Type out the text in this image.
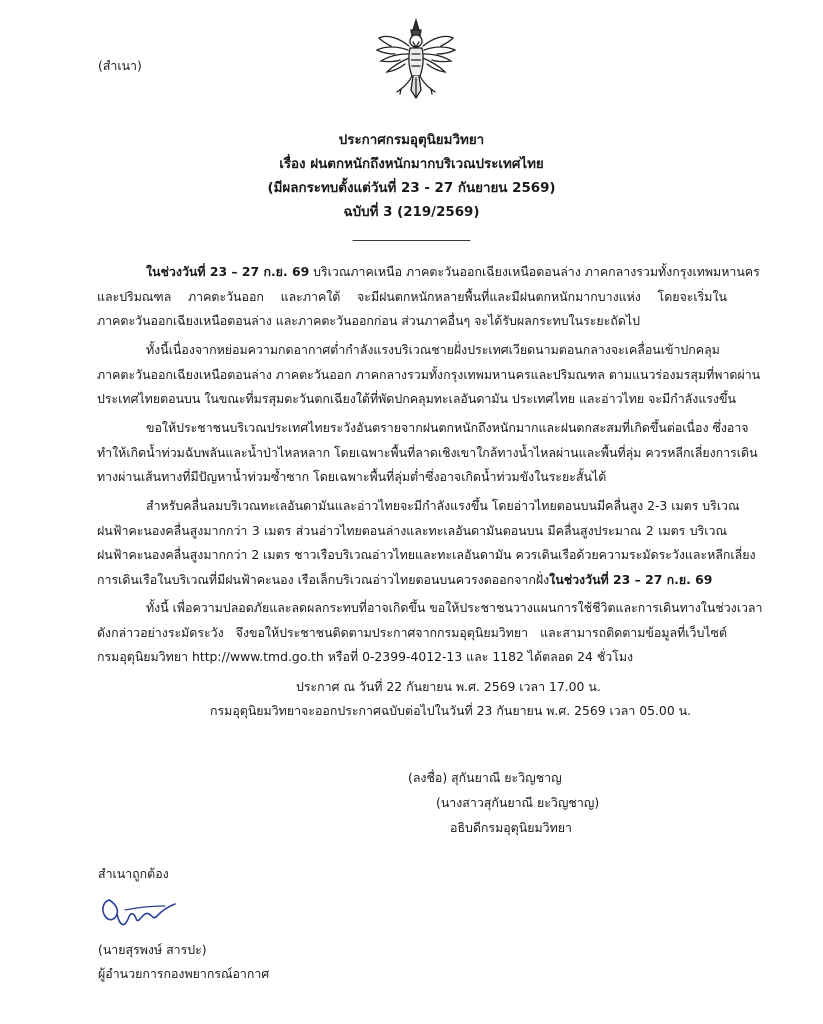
(สำเนา)
ประกาศกรมอุตุนิยมวิทยา
เรื่อง ฝนตกหนักถึงหนักมากบริเวณประเทศไทย
(มีผลกระทบตั้งแต่วันที่ 23 - 27 กันยายน 2569)
ฉบับที่ 3 (219/2569)
___________________
ในช่วงวันที่ 23 – 27 ก.ย. 69 บริเวณภาคเหนือ ภาคตะวันออกเฉียงเหนือตอนล่าง ภาคกลางรวมทั้งกรุงเทพมหานคร
และปริมณฑล ภาคตะวันออก และภาคใต้ จะมีฝนตกหนักหลายพื้นที่และมีฝนตกหนักมากบางแห่ง โดยจะเริ่มใน
ภาคตะวันออกเฉียงเหนือตอนล่าง และภาคตะวันออกก่อน ส่วนภาคอื่นๆ จะได้รับผลกระทบในระยะถัดไป
ทั้งนี้เนื่องจากหย่อมความกดอากาศต่ำกำลังแรงบริเวณชายฝั่งประเทศเวียดนามตอนกลางจะเคลื่อนเข้าปกคลุม
ภาคตะวันออกเฉียงเหนือตอนล่าง ภาคตะวันออก ภาคกลางรวมทั้งกรุงเทพมหานครและปริมณฑล ตามแนวร่องมรสุมที่พาดผ่าน
ประเทศไทยตอนบน ในขณะที่มรสุมตะวันตกเฉียงใต้ที่พัดปกคลุมทะเลอันดามัน ประเทศไทย และอ่าวไทย จะมีกำลังแรงขึ้น
ขอให้ประชาชนบริเวณประเทศไทยระวังอันตรายจากฝนตกหนักถึงหนักมากและฝนตกสะสมที่เกิดขึ้นต่อเนื่อง ซึ่งอาจ
ทำให้เกิดน้ำท่วมฉับพลันและน้ำป่าไหลหลาก โดยเฉพาะพื้นที่ลาดเชิงเขาใกล้ทางน้ำไหลผ่านและพื้นที่ลุ่ม ควรหลีกเลี่ยงการเดิน
ทางผ่านเส้นทางที่มีปัญหาน้ำท่วมซ้ำซาก โดยเฉพาะพื้นที่ลุ่มต่ำซึ่งอาจเกิดน้ำท่วมขังในระยะสั้นได้
สำหรับคลื่นลมบริเวณทะเลอันดามันและอ่าวไทยจะมีกำลังแรงขึ้น โดยอ่าวไทยตอนบนมีคลื่นสูง 2-3 เมตร บริเวณ
ฝนฟ้าคะนองคลื่นสูงมากกว่า 3 เมตร ส่วนอ่าวไทยตอนล่างและทะเลอันดามันตอนบน มีคลื่นสูงประมาณ 2 เมตร บริเวณ
ฝนฟ้าคะนองคลื่นสูงมากกว่า 2 เมตร ชาวเรือบริเวณอ่าวไทยและทะเลอันดามัน ควรเดินเรือด้วยความระมัดระวังและหลีกเลี่ยง
การเดินเรือในบริเวณที่มีฝนฟ้าคะนอง เรือเล็กบริเวณอ่าวไทยตอนบนควรงดออกจากฝั่งในช่วงวันที่ 23 – 27 ก.ย. 69
ทั้งนี้ เพื่อความปลอดภัยและลดผลกระทบที่อาจเกิดขึ้น ขอให้ประชาชนวางแผนการใช้ชีวิตและการเดินทางในช่วงเวลา
ดังกล่าวอย่างระมัดระวัง จึงขอให้ประชาชนติดตามประกาศจากกรมอุตุนิยมวิทยา และสามารถติดตามข้อมูลที่เว็บไซต์
กรมอุตุนิยมวิทยา http://www.tmd.go.th หรือที่ 0-2399-4012-13 และ 1182 ได้ตลอด 24 ชั่วโมง
ประกาศ ณ วันที่ 22 กันยายน พ.ศ. 2569 เวลา 17.00 น.
กรมอุตุนิยมวิทยาจะออกประกาศฉบับต่อไปในวันที่ 23 กันยายน พ.ศ. 2569 เวลา 05.00 น.
(ลงชื่อ) สุกันยาณี ยะวิญชาญ
(นางสาวสุกันยาณี ยะวิญชาญ)
อธิบดีกรมอุตุนิยมวิทยา
สำเนาถูกต้อง
(นายสุรพงษ์ สารปะ)
ผู้อำนวยการกองพยากรณ์อากาศ
